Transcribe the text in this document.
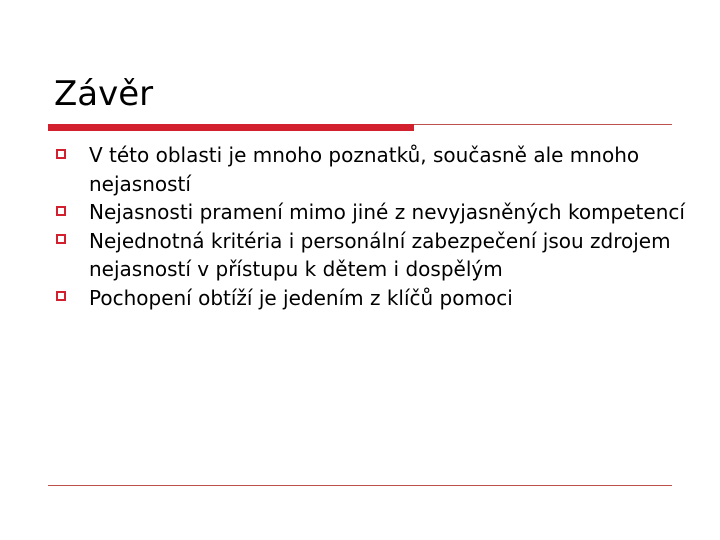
Závěr
V této oblasti je mnoho poznatků, současně ale mnoho nejasností
Nejasnosti pramení mimo jiné z nevyjasněných kompetencí
Nejednotná kritéria i personální zabezpečení jsou zdrojem nejasností v přístupu k dětem i dospělým
Pochopení obtíží je jedením z klíčů pomoci
